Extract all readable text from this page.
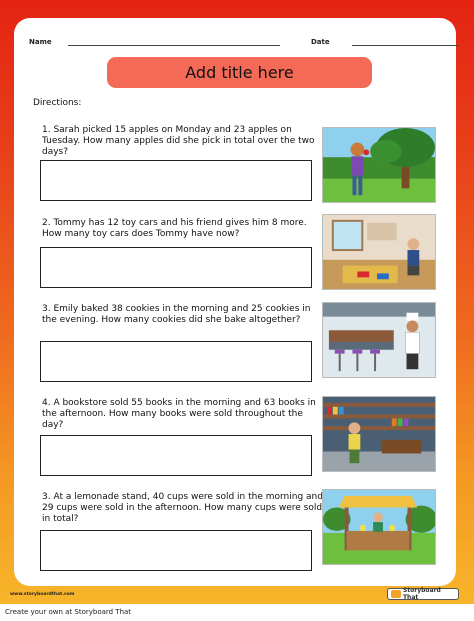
Name	Date
Add title here
Directions:
1. Sarah picked 15 apples on Monday and 23 apples on Tuesday. How many apples did she pick in total over the two days?
2. Tommy has 12 toy cars and his friend gives him 8 more. How many toy cars does Tommy have now?
3. Emily baked 38 cookies in the morning and 25 cookies in the evening. How many cookies did she bake altogether?
4. A bookstore sold 55 books in the morning and 63 books in the afternoon. How many books were sold throughout the day?
3. At a lemonade stand, 40 cups were sold in the morning and 29 cups were sold in the afternoon. How many cups were sold in total?
www.storyboardthat.com
Storyboard That
Create your own at Storyboard That
